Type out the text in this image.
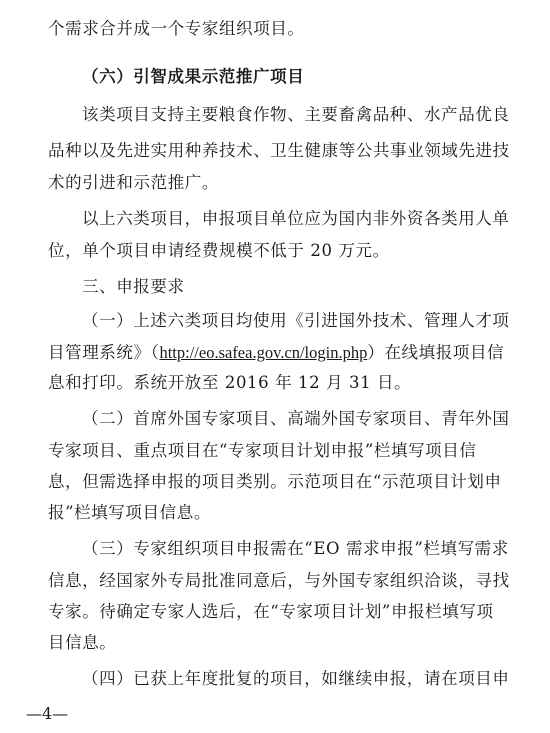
个需求合并成一个专家组织项目。
（六）引智成果示范推广项目
该类项目支持主要粮食作物、主要畜禽品种、水产品优良
品种以及先进实用种养技术、卫生健康等公共事业领域先进技
术的引进和示范推广。
以上六类项目，申报项目单位应为国内非外资各类用人单
位，单个项目申请经费规模不低于 20 万元。
三、申报要求
（一）上述六类项目均使用《引进国外技术、管理人才项
目管理系统》（http://eo.safea.gov.cn/login.php）在线填报项目信
息和打印。系统开放至 2016 年 12 月 31 日。
（二）首席外国专家项目、高端外国专家项目、青年外国
专家项目、重点项目在“专家项目计划申报”栏填写项目信
息，但需选择申报的项目类别。示范项目在“示范项目计划申
报”栏填写项目信息。
（三）专家组织项目申报需在“EO 需求申报”栏填写需求
信息，经国家外专局批准同意后，与外国专家组织洽谈，寻找
专家。待确定专家人选后，在“专家项目计划”申报栏填写项
目信息。
（四）已获上年度批复的项目，如继续申报，请在项目申
—4—
